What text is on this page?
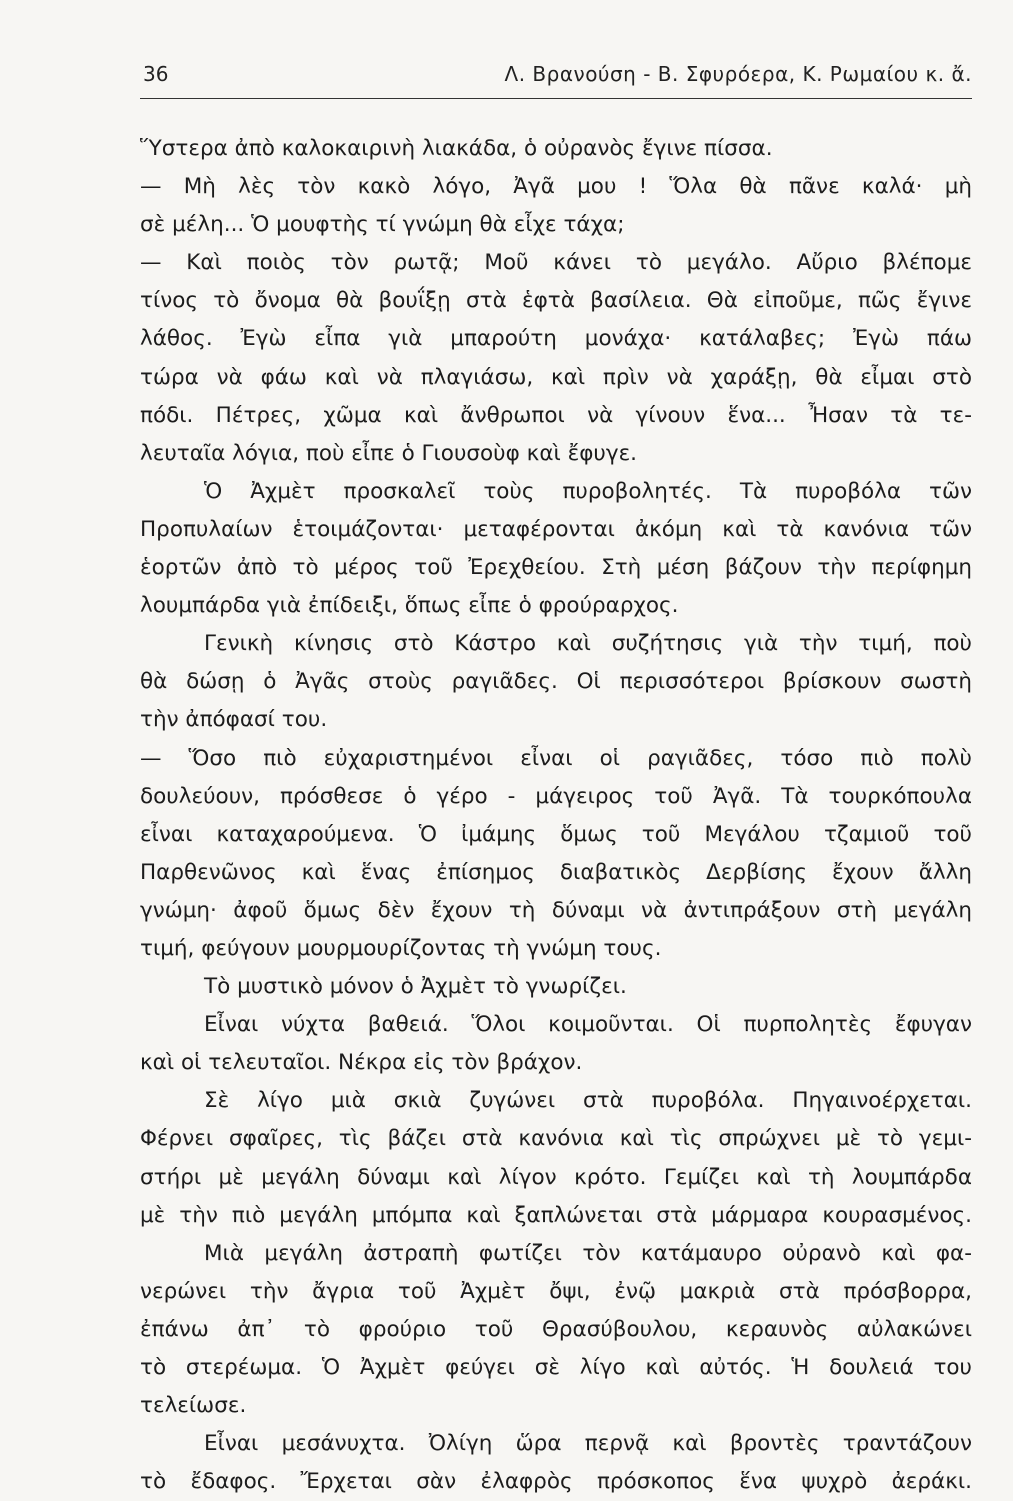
36	Λ. Βρανούση - Β. Σφυρόερα, Κ. Ρωμαίου κ. ἄ.
Ὕστερα ἀπὸ καλοκαιρινὴ λιακάδα, ὁ οὐρανὸς ἔγινε πίσσα.
— Μὴ λὲς τὸν κακὸ λόγο, Ἀγᾶ μου ! Ὅλα θὰ πᾶνε καλά· μὴ
σὲ μέλη... Ὁ μουφτὴς τί γνώμη θὰ εἶχε τάχα;
— Καὶ ποιὸς τὸν ρωτᾷ; Μοῦ κάνει τὸ μεγάλο. Αὔριο βλέπομε
τίνος τὸ ὄνομα θὰ βουΐξῃ στὰ ἑφτὰ βασίλεια. Θὰ εἰποῦμε, πῶς ἔγινε
λάθος. Ἐγὼ εἶπα γιὰ μπαρούτη μονάχα· κατάλαβες; Ἐγὼ πάω
τώρα νὰ φάω καὶ νὰ πλαγιάσω, καὶ πρὶν νὰ χαράξῃ, θὰ εἶμαι στὸ
πόδι. Πέτρες, χῶμα καὶ ἄνθρωποι νὰ γίνουν ἕνα... Ἦσαν τὰ τε-
λευταῖα λόγια, ποὺ εἶπε ὁ Γιουσοὺφ καὶ ἔφυγε.
Ὁ Ἀχμὲτ προσκαλεῖ τοὺς πυροβολητές. Τὰ πυροβόλα τῶν
Προπυλαίων ἑτοιμάζονται· μεταφέρονται ἀκόμη καὶ τὰ κανόνια τῶν
ἑορτῶν ἀπὸ τὸ μέρος τοῦ Ἐρεχθείου. Στὴ μέση βάζουν τὴν περίφημη
λουμπάρδα γιὰ ἐπίδειξι, ὅπως εἶπε ὁ φρούραρχος.
Γενικὴ κίνησις στὸ Κάστρο καὶ συζήτησις γιὰ τὴν τιμή, ποὺ
θὰ δώσῃ ὁ Ἀγᾶς στοὺς ραγιᾶδες. Οἱ περισσότεροι βρίσκουν σωστὴ
τὴν ἀπόφασί του.
— Ὅσο πιὸ εὐχαριστημένοι εἶναι οἱ ραγιᾶδες, τόσο πιὸ πολὺ
δουλεύουν, πρόσθεσε ὁ γέρο - μάγειρος τοῦ Ἀγᾶ. Τὰ τουρκόπουλα
εἶναι καταχαρούμενα. Ὁ ἰμάμης ὅμως τοῦ Μεγάλου τζαμιοῦ τοῦ
Παρθενῶνος καὶ ἕνας ἐπίσημος διαβατικὸς Δερβίσης ἔχουν ἄλλη
γνώμη· ἀφοῦ ὅμως δὲν ἔχουν τὴ δύναμι νὰ ἀντιπράξουν στὴ μεγάλη
τιμή, φεύγουν μουρμουρίζοντας τὴ γνώμη τους.
Τὸ μυστικὸ μόνον ὁ Ἀχμὲτ τὸ γνωρίζει.
Εἶναι νύχτα βαθειά. Ὅλοι κοιμοῦνται. Οἱ πυρπολητὲς ἔφυγαν
καὶ οἱ τελευταῖοι. Νέκρα εἰς τὸν βράχον.
Σὲ λίγο μιὰ σκιὰ ζυγώνει στὰ πυροβόλα. Πηγαινοέρχεται.
Φέρνει σφαῖρες, τὶς βάζει στὰ κανόνια καὶ τὶς σπρώχνει μὲ τὸ γεμι-
στήρι μὲ μεγάλη δύναμι καὶ λίγον κρότο. Γεμίζει καὶ τὴ λουμπάρδα
μὲ τὴν πιὸ μεγάλη μπόμπα καὶ ξαπλώνεται στὰ μάρμαρα κουρασμένος.
Μιὰ μεγάλη ἀστραπὴ φωτίζει τὸν κατάμαυρο οὐρανὸ καὶ φα-
νερώνει τὴν ἄγρια τοῦ Ἀχμὲτ ὄψι, ἐνῷ μακριὰ στὰ πρόσβορρα,
ἐπάνω ἀπ᾽ τὸ φρούριο τοῦ Θρασύβουλου, κεραυνὸς αὐλακώνει
τὸ στερέωμα. Ὁ Ἀχμὲτ φεύγει σὲ λίγο καὶ αὐτός. Ἡ δουλειά του
τελείωσε.
Εἶναι μεσάνυχτα. Ὀλίγη ὥρα περνᾷ καὶ βροντὲς τραντάζουν
τὸ ἔδαφος. Ἔρχεται σὰν ἐλαφρὸς πρόσκοπος ἕνα ψυχρὸ ἀεράκι.
